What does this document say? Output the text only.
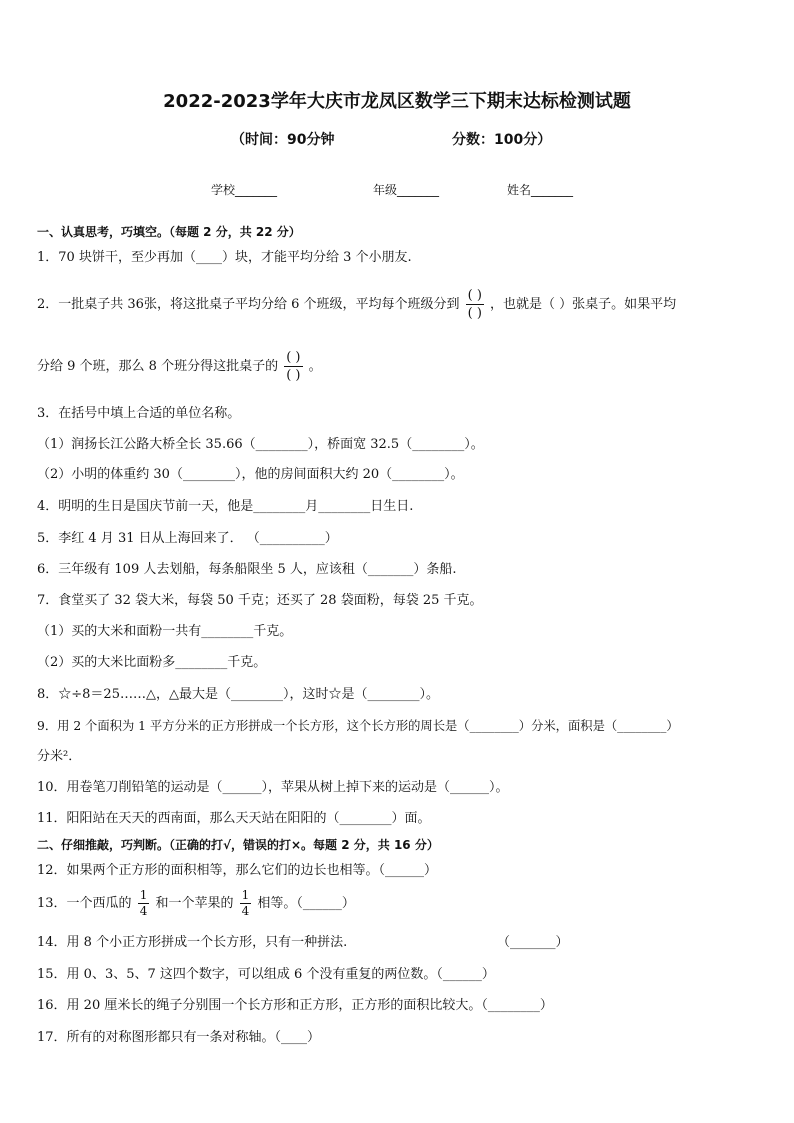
2022-2023学年大庆市龙凤区数学三下期末达标检测试题
（时间：90分钟	分数：100分）
学校_______	年级_______	姓名_______
一、认真思考，巧填空。（每题 2 分，共 22 分）
1．70 块饼干，至少再加（____）块，才能平均分给 3 个小朋友.
2．一批桌子共 36张，将这批桌子平均分给 6 个班级，平均每个班级分到 $\frac{( )}{( )}$ ，也就是（ ）张桌子。如果平均
分给 9 个班，那么 8 个班分得这批桌子的 $\frac{( )}{( )}$ 。
3．在括号中填上合适的单位名称。
（1）润扬长江公路大桥全长 35.66（________），桥面宽 32.5（________）。
（2）小明的体重约 30（________），他的房间面积大约 20（________）。
4．明明的生日是国庆节前一天，他是________月________日生日.
5．李红 4 月 31 日从上海回来了． （__________）
6．三年级有 109 人去划船，每条船限坐 5 人，应该租（_______）条船.
7．食堂买了 32 袋大米，每袋 50 千克；还买了 28 袋面粉，每袋 25 千克。
（1）买的大米和面粉一共有________千克。
（2）买的大米比面粉多________千克。
8．☆÷8＝25……△，△最大是（________），这时☆是（________）。
9．用 2 个面积为 1 平方分米的正方形拼成一个长方形，这个长方形的周长是（________）分米，面积是（________）
分米²．
10．用卷笔刀削铅笔的运动是（______），苹果从树上掉下来的运动是（______）。
11．阳阳站在天天的西南面，那么天天站在阳阳的（________）面。
二、仔细推敲，巧判断。（正确的打√，错误的打×。每题 2 分，共 16 分）
12．如果两个正方形的面积相等，那么它们的边长也相等。（______）
13．一个西瓜的 $\frac{1}{4}$ 和一个苹果的 $\frac{1}{4}$ 相等。（______）
14．用 8 个小正方形拼成一个长方形，只有一种拼法.	（_______）
15．用 0、3、5、7 这四个数字，可以组成 6 个没有重复的两位数。（______）
16．用 20 厘米长的绳子分别围一个长方形和正方形，正方形的面积比较大。（________）
17．所有的对称图形都只有一条对称轴。（____）
